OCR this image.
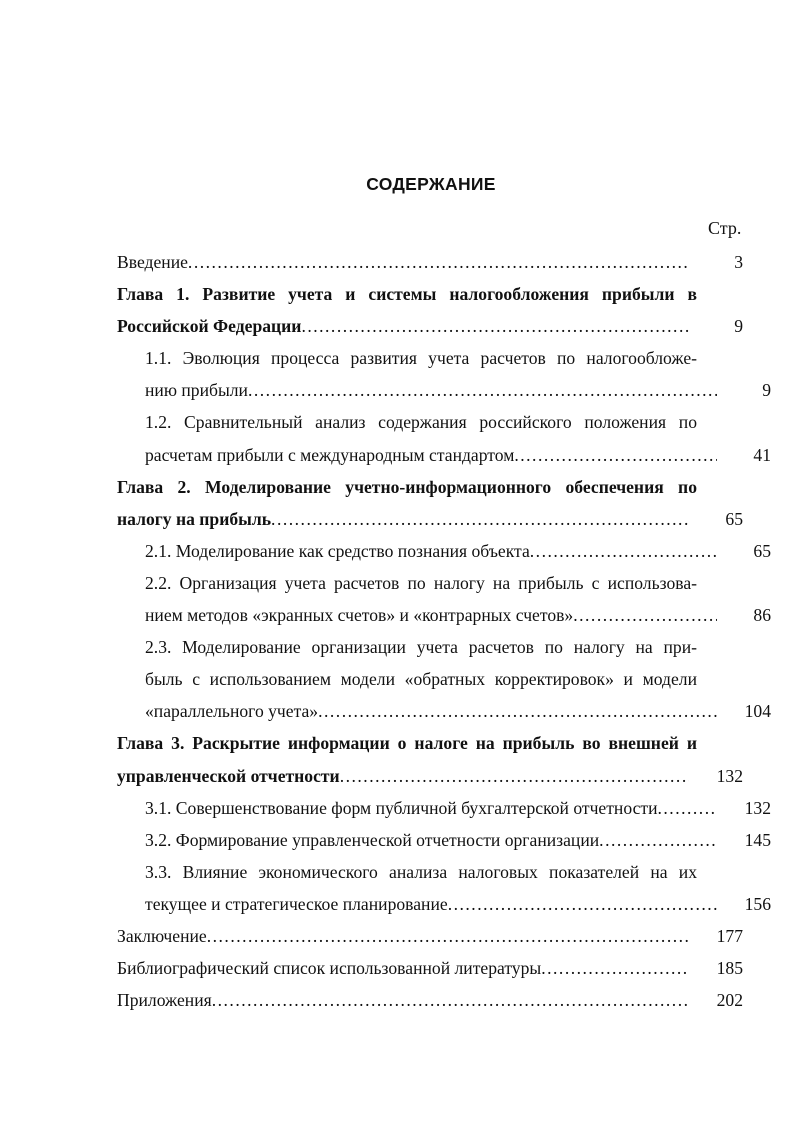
СОДЕРЖАНИЕ
Стр.
Введение .....	3
Глава 1. Развитие учета и системы налогообложения прибыли в
Российской Федерации .....	9
1.1. Эволюция процесса развития учета расчетов по налогообложе-
нию прибыли .....	9
1.2. Сравнительный анализ содержания российского положения по
расчетам прибыли с международным стандартом .....	41
Глава 2. Моделирование учетно-информационного обеспечения по
налогу на прибыль .....	65
2.1. Моделирование как средство познания объекта .....	65
2.2. Организация учета расчетов по налогу на прибыль с использова-
нием методов «экранных счетов» и «контрарных счетов» .....	86
2.3. Моделирование организации учета расчетов по налогу на при-
быль с использованием модели «обратных корректировок» и модели
«параллельного учета» .....	104
Глава 3. Раскрытие информации о налоге на прибыль во внешней и
управленческой отчетности .....	132
3.1. Совершенствование форм публичной бухгалтерской отчетности .....	132
3.2. Формирование управленческой отчетности организации .....	145
3.3. Влияние экономического анализа налоговых показателей на их
текущее и стратегическое планирование .....	156
Заключение .....	177
Библиографический список использованной литературы .....	185
Приложения .....	202
